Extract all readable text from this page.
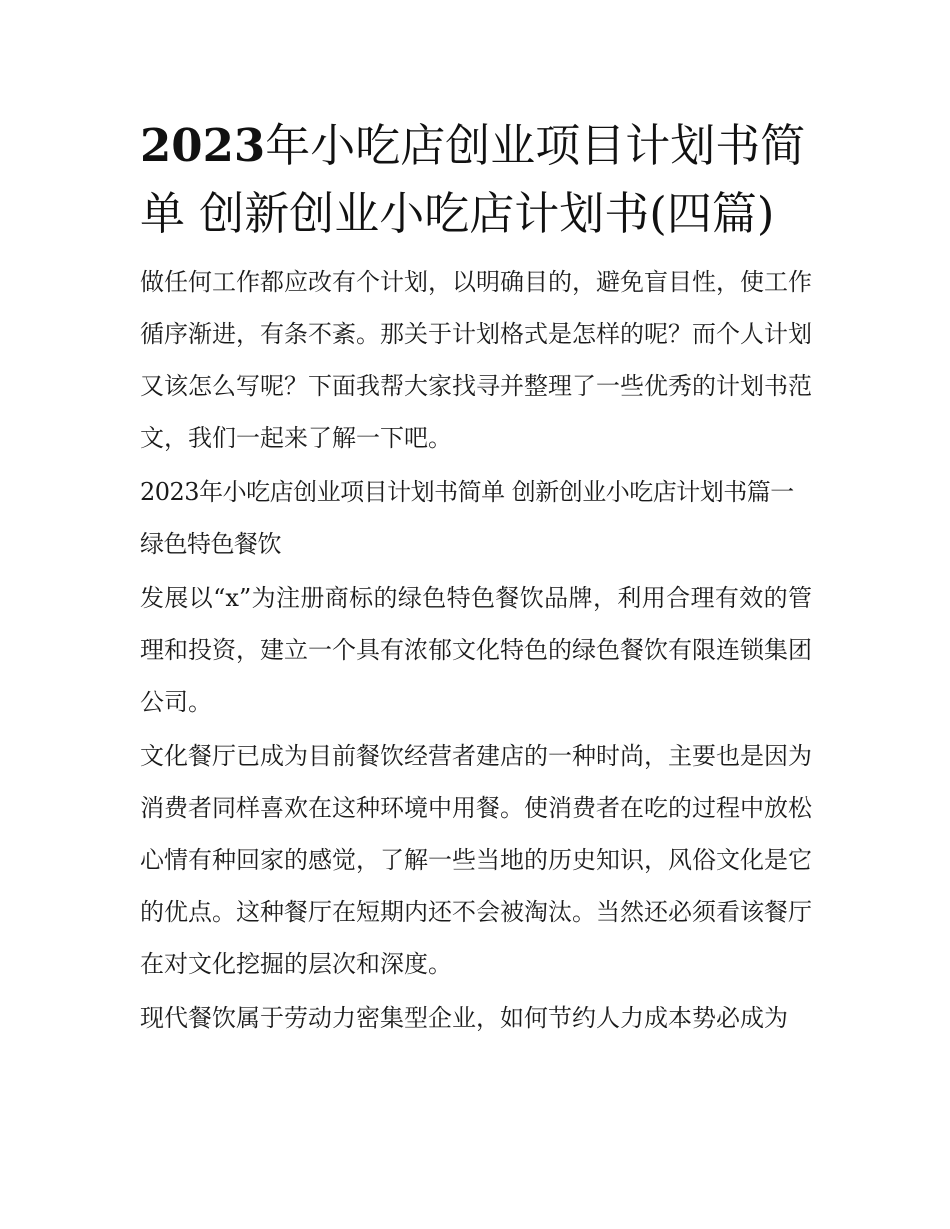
2023年小吃店创业项目计划书简单 创新创业小吃店计划书(四篇)

做任何工作都应改有个计划，以明确目的，避免盲目性，使工作循序渐进，有条不紊。那关于计划格式是怎样的呢？而个人计划又该怎么写呢？下面我帮大家找寻并整理了一些优秀的计划书范文，我们一起来了解一下吧。

2023年小吃店创业项目计划书简单 创新创业小吃店计划书篇一 绿色特色餐饮

发展以“x”为注册商标的绿色特色餐饮品牌，利用合理有效的管理和投资，建立一个具有浓郁文化特色的绿色餐饮有限连锁集团公司。

文化餐厅已成为目前餐饮经营者建店的一种时尚，主要也是因为消费者同样喜欢在这种环境中用餐。使消费者在吃的过程中放松心情有种回家的感觉，了解一些当地的历史知识，风俗文化是它的优点。这种餐厅在短期内还不会被淘汰。当然还必须看该餐厅在对文化挖掘的层次和深度。

现代餐饮属于劳动力密集型企业，如何节约人力成本势必成为
